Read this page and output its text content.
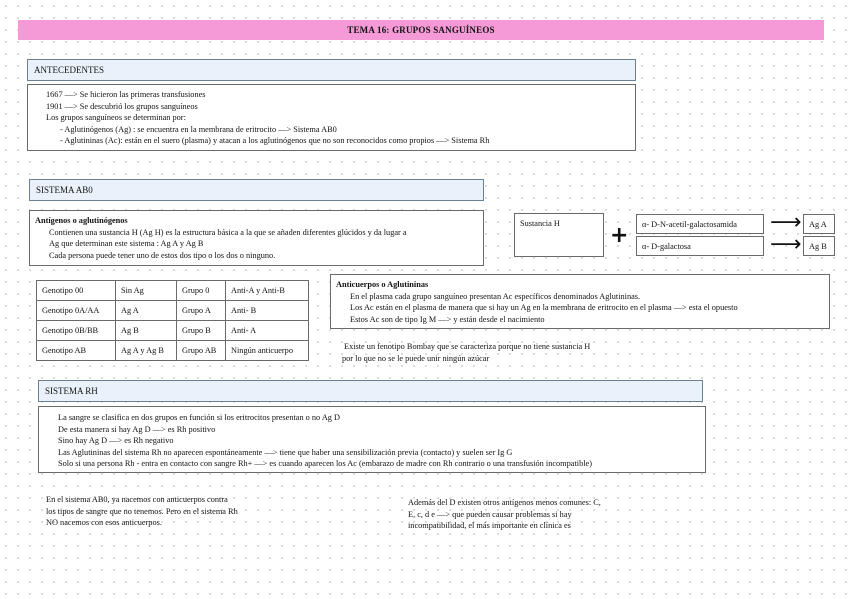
TEMA 16: GRUPOS SANGUÍNEOS
ANTECEDENTES

1667 —> Se hicieron las primeras transfusiones

1901 —> Se descubrió los grupos sanguíneos

Los grupos sanguíneos se determinan por:

- Aglutinógenos (Ag) : se encuentra en la membrana de eritrocito —> Sistema AB0

- Aglutininas (Ac): están en el suero (plasma) y atacan a los aglutinógenos que no son reconocidos como propios —> Sistema Rh

SISTEMA AB0

Antígenos o aglutinógenos

Contienen una sustancia H (Ag H) es la estructura básica a la que se añaden diferentes glúcidos y da lugar a

Ag que determinan este sistema : Ag A y Ag B

Cada persona puede tener uno de estos dos tipo o los dos o ninguno.

Sustancia H	+	α- D-N-acetil-galactosamida
α- D-galactosa
⟶
⟶
Ag A
Ag B
Genotipo 00	Sin Ag	Grupo 0	Anti-A y Anti-B
Genotipo 0A/AA	Ag A	Grupo A	Anti- B
Genotipo 0B/BB	Ag B	Grupo B	Anti- A
Genotipo AB	Ag A y Ag B	Grupo AB	Ningún anticuerpo

Anticuerpos o Aglutininas

En el plasma cada grupo sanguíneo presentan Ac específicos denominados Aglutininas.

Los Ac están en el plasma de manera que si hay un Ag en la membrana de eritrocito en el plasma —> esta el opuesto

Estos Ac son de tipo Ig M —> y están desde el nacimiento

Existe un fenotipo Bombay que se caracteriza porque no tiene sustancia H

por lo que no se le puede unir ningún azúcar

SISTEMA RH

La sangre se clasifica en dos grupos en función si los eritrocitos presentan o no Ag D

De esta manera si hay Ag D —> es Rh positivo

Sino hay Ag D —> es Rh negativo

Las Aglutininas del sistema Rh no aparecen espontáneamente —> tiene que haber una sensibilización previa (contacto) y suelen ser Ig G

Solo si una persona Rh - entra en contacto con sangre Rh+ —> es cuando aparecen los Ac (embarazo de madre con Rh contrario o una transfusión incompatible)

En el sistema AB0, ya nacemos con anticuerpos contra

los tipos de sangre que no tenemos. Pero en el sistema Rh

NO nacemos con esos anticuerpos.

Además del D existen otros antígenos menos comunes: C,

E, c, d e —> que pueden causar problemas si hay

incompatibilidad, el más importante en clínica es
